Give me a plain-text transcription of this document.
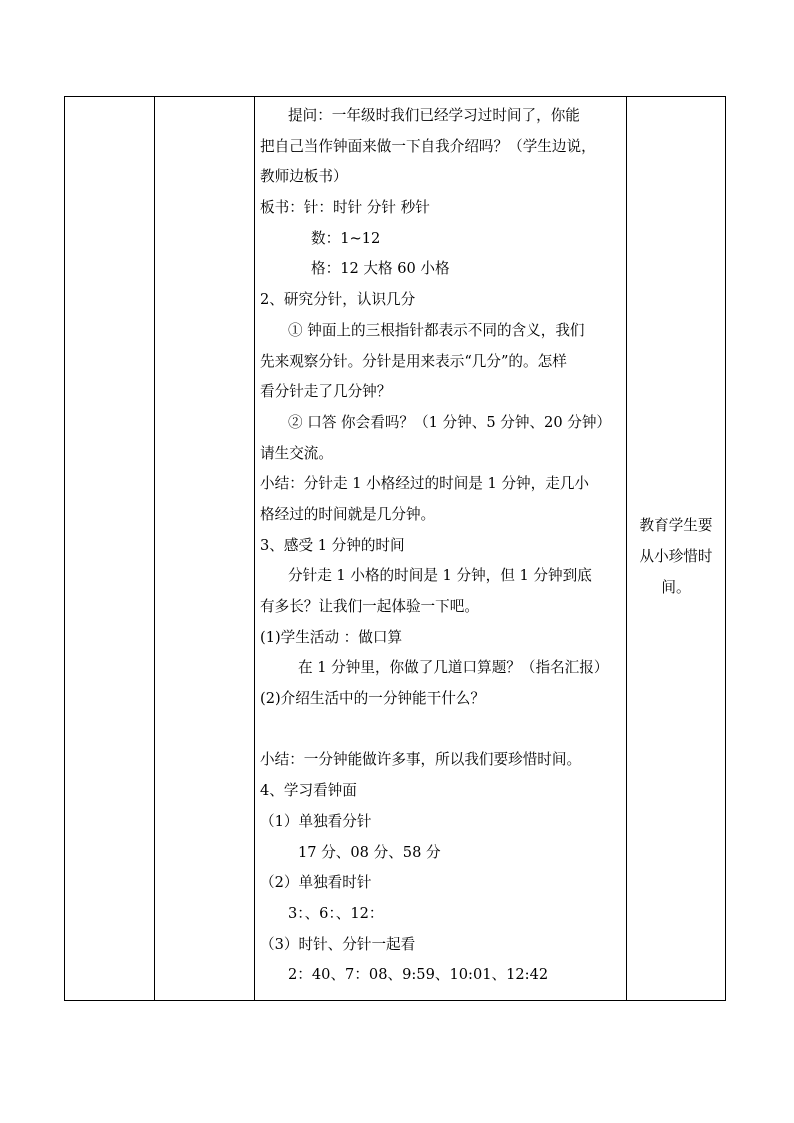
提问：一年级时我们已经学习过时间了，你能
把自己当作钟面来做一下自我介绍吗？（学生边说，
教师边板书）
板书：针：时针 分针 秒针
数：1~12
格：12 大格 60 小格
2、研究分针，认识几分
① 钟面上的三根指针都表示不同的含义，我们
先来观察分针。分针是用来表示“几分”的。怎样
看分针走了几分钟？
② 口答 你会看吗？（1 分钟、5 分钟、20 分钟）
请生交流。
小结：分针走 1 小格经过的时间是 1 分钟，走几小
格经过的时间就是几分钟。
3、感受 1 分钟的时间
分针走 1 小格的时间是 1 分钟，但 1 分钟到底
有多长？让我们一起体验一下吧。
(1)学生活动 ：做口算
在 1 分钟里，你做了几道口算题？（指名汇报）
(2)介绍生活中的一分钟能干什么？
小结：一分钟能做许多事，所以我们要珍惜时间。
4、学习看钟面
（1）单独看分针
17 分、08 分、58 分
（2）单独看时针
3：、6：、12：
（3）时针、分针一起看
2：40、7：08、9:59、10:01、12:42

教育学生要
从小珍惜时
间。
